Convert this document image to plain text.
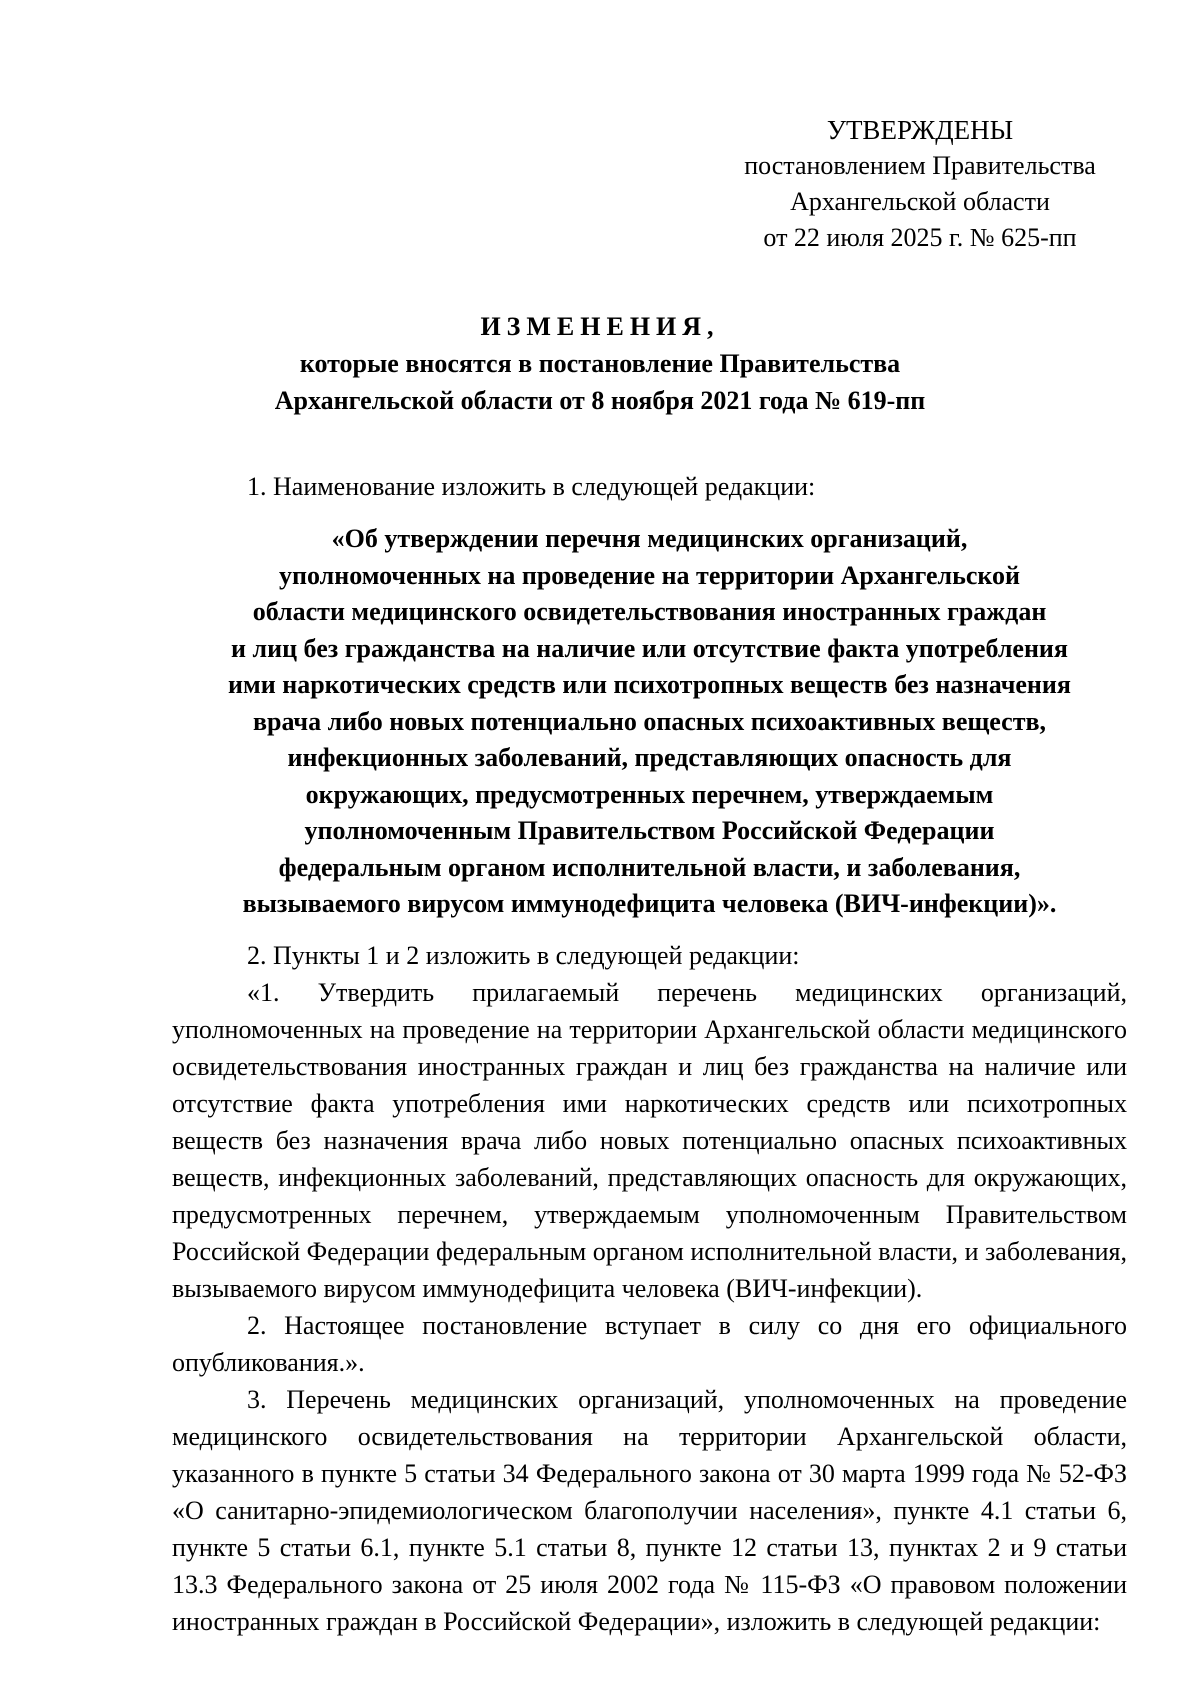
УТВЕРЖДЕНЫ
постановлением Правительства
Архангельской области
от 22 июля 2025 г. № 625-пп
ИЗМЕНЕНИЯ,
которые вносятся в постановление Правительства
Архангельской области от 8 ноября 2021 года № 619-пп

1. Наименование изложить в следующей редакции:

«Об утверждении перечня медицинских организаций,
уполномоченных на проведение на территории Архангельской
области медицинского освидетельствования иностранных граждан
и лиц без гражданства на наличие или отсутствие факта употребления
ими наркотических средств или психотропных веществ без назначения
врача либо новых потенциально опасных психоактивных веществ,
инфекционных заболеваний, представляющих опасность для
окружающих, предусмотренных перечнем, утверждаемым
уполномоченным Правительством Российской Федерации
федеральным органом исполнительной власти, и заболевания,
вызываемого вирусом иммунодефицита человека (ВИЧ-инфекции)».

2. Пункты 1 и 2 изложить в следующей редакции:

«1. Утвердить прилагаемый перечень медицинских организаций, уполномоченных на проведение на территории Архангельской области медицинского освидетельствования иностранных граждан и лиц без гражданства на наличие или отсутствие факта употребления ими наркотических средств или психотропных веществ без назначения врача либо новых потенциально опасных психоактивных веществ, инфекционных заболеваний, представляющих опасность для окружающих, предусмотренных перечнем, утверждаемым уполномоченным Правительством Российской Федерации федеральным органом исполнительной власти, и заболевания, вызываемого вирусом иммунодефицита человека (ВИЧ-инфекции).

2. Настоящее постановление вступает в силу со дня его официального опубликования.».

3. Перечень медицинских организаций, уполномоченных на проведение медицинского освидетельствования на территории Архангельской области, указанного в пункте 5 статьи 34 Федерального закона от 30 марта 1999 года № 52-ФЗ «О санитарно-эпидемиологическом благополучии населения», пункте 4.1 статьи 6, пункте 5 статьи 6.1, пункте 5.1 статьи 8, пункте 12 статьи 13, пунктах 2 и 9 статьи 13.3 Федерального закона от 25 июля 2002 года № 115-ФЗ «О правовом положении иностранных граждан в Российской Федерации», изложить в следующей редакции:
